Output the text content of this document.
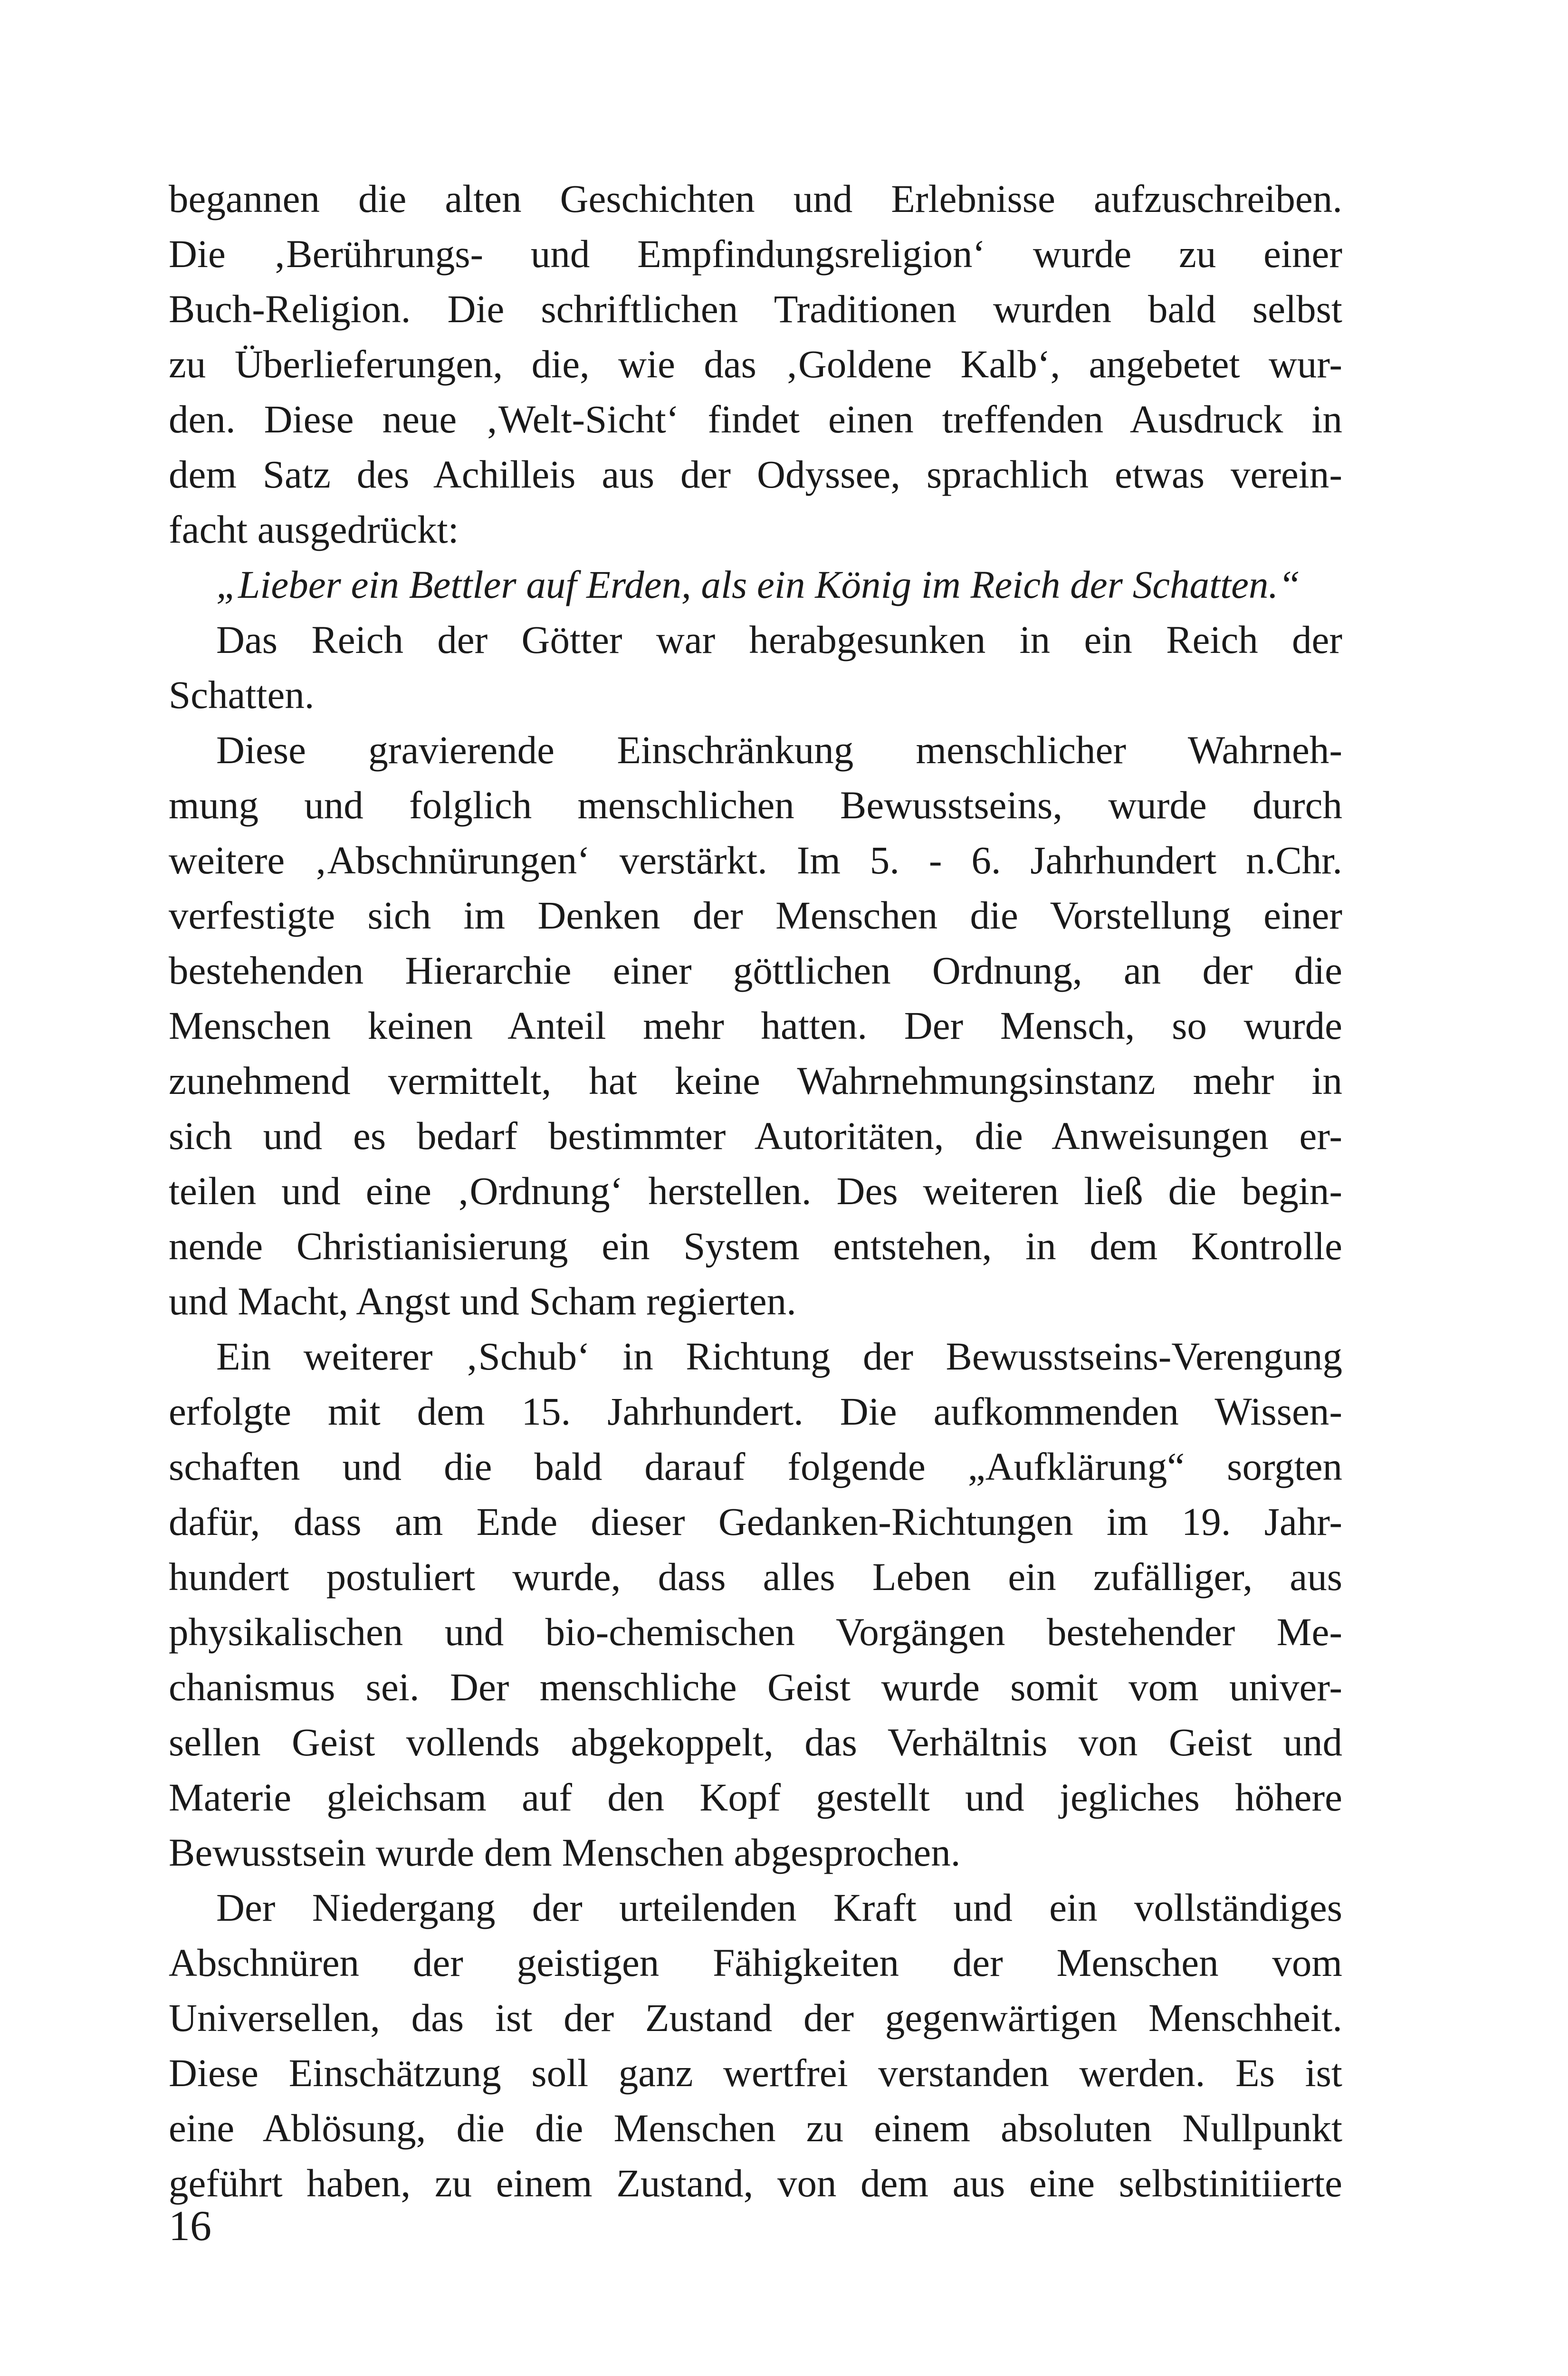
begannen die alten Geschichten und Erlebnisse aufzuschreiben.
Die ‚Berührungs- und Empfindungsreligion‘ wurde zu einer
Buch-Religion. Die schriftlichen Traditionen wurden bald selbst
zu Überlieferungen, die, wie das ‚Goldene Kalb‘, angebetet wur-
den. Diese neue ‚Welt-Sicht‘ findet einen treffenden Ausdruck in
dem Satz des Achilleis aus der Odyssee, sprachlich etwas verein-
facht ausgedrückt:
„Lieber ein Bettler auf Erden, als ein König im Reich der Schatten.“
Das Reich der Götter war herabgesunken in ein Reich der
Schatten.
Diese gravierende Einschränkung menschlicher Wahrneh-
mung und folglich menschlichen Bewusstseins, wurde durch
weitere ‚Abschnürungen‘ verstärkt. Im 5. - 6. Jahrhundert n.Chr.
verfestigte sich im Denken der Menschen die Vorstellung einer
bestehenden Hierarchie einer göttlichen Ordnung, an der die
Menschen keinen Anteil mehr hatten. Der Mensch, so wurde
zunehmend vermittelt, hat keine Wahrnehmungsinstanz mehr in
sich und es bedarf bestimmter Autoritäten, die Anweisungen er-
teilen und eine ‚Ordnung‘ herstellen. Des weiteren ließ die begin-
nende Christianisierung ein System entstehen, in dem Kontrolle
und Macht, Angst und Scham regierten.
Ein weiterer ‚Schub‘ in Richtung der Bewusstseins-Verengung
erfolgte mit dem 15. Jahrhundert. Die aufkommenden Wissen-
schaften und die bald darauf folgende „Aufklärung“ sorgten
dafür, dass am Ende dieser Gedanken-Richtungen im 19. Jahr-
hundert postuliert wurde, dass alles Leben ein zufälliger, aus
physikalischen und bio-chemischen Vorgängen bestehender Me-
chanismus sei. Der menschliche Geist wurde somit vom univer-
sellen Geist vollends abgekoppelt, das Verhältnis von Geist und
Materie gleichsam auf den Kopf gestellt und jegliches höhere
Bewusstsein wurde dem Menschen abgesprochen.
Der Niedergang der urteilenden Kraft und ein vollständiges
Abschnüren der geistigen Fähigkeiten der Menschen vom
Universellen, das ist der Zustand der gegenwärtigen Menschheit.
Diese Einschätzung soll ganz wertfrei verstanden werden. Es ist
eine Ablösung, die die Menschen zu einem absoluten Nullpunkt
geführt haben, zu einem Zustand, von dem aus eine selbstinitiierte
16
